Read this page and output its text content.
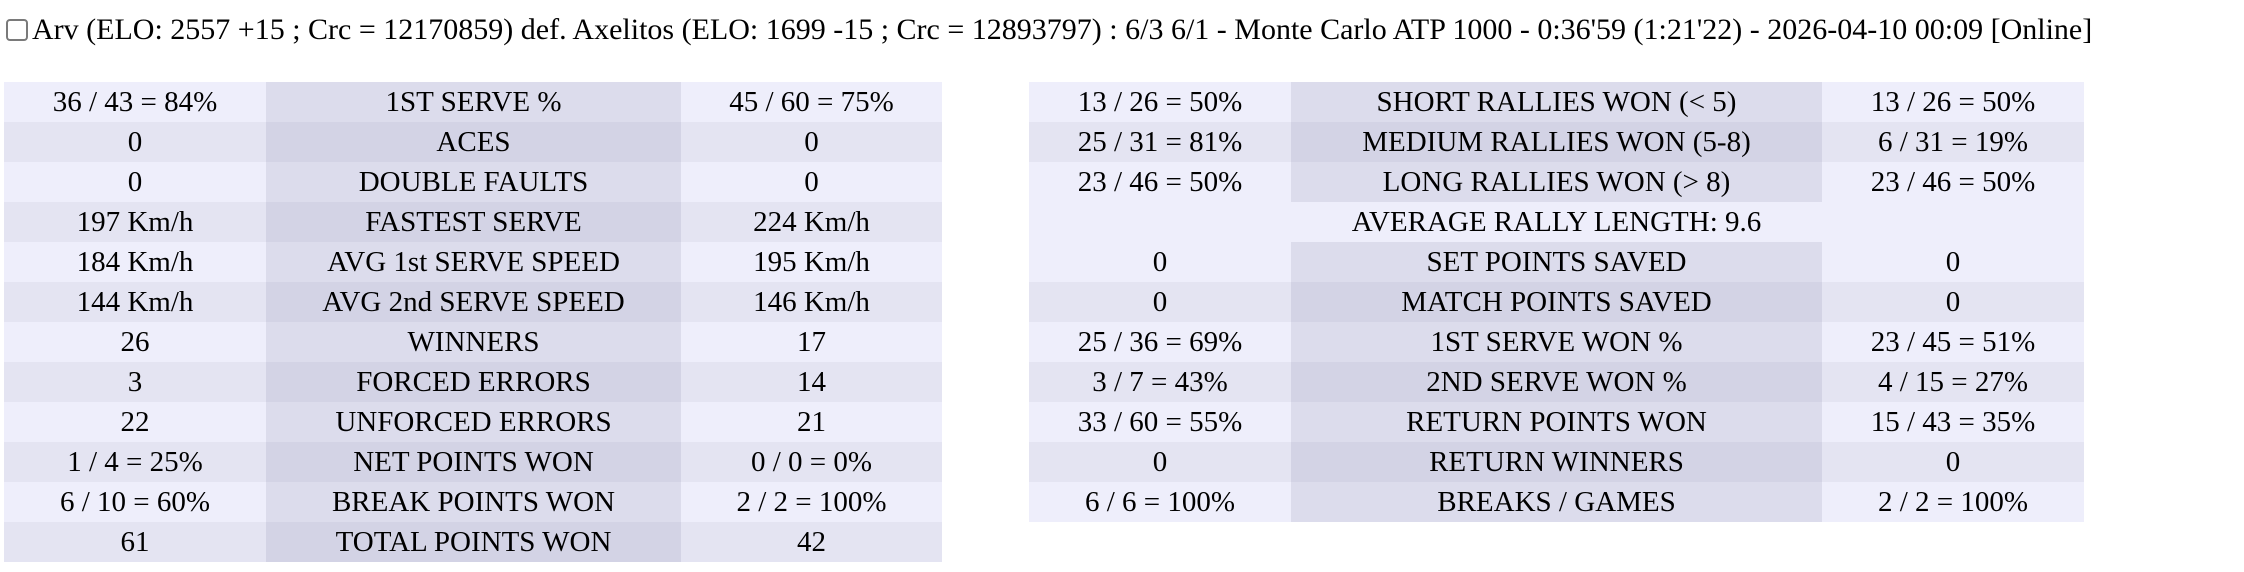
Arv (ELO: 2557 +15 ; Crc = 12170859) def. Axelitos (ELO: 1699 -15 ; Crc = 12893797) : 6/3 6/1 - Monte Carlo ATP 1000 - 0:36'59 (1:21'22) - 2026-04-10 00:09 [Online]
36 / 43 = 84%	1ST SERVE %	45 / 60 = 75%
0	ACES	0
0	DOUBLE FAULTS	0
197 Km/h	FASTEST SERVE	224 Km/h
184 Km/h	AVG 1st SERVE SPEED	195 Km/h
144 Km/h	AVG 2nd SERVE SPEED	146 Km/h
26	WINNERS	17
3	FORCED ERRORS	14
22	UNFORCED ERRORS	21
1 / 4 = 25%	NET POINTS WON	0 / 0 = 0%
6 / 10 = 60%	BREAK POINTS WON	2 / 2 = 100%
61	TOTAL POINTS WON	42
13 / 26 = 50%	SHORT RALLIES WON (< 5)	13 / 26 = 50%
25 / 31 = 81%	MEDIUM RALLIES WON (5-8)	6 / 31 = 19%
23 / 46 = 50%	LONG RALLIES WON (> 8)	23 / 46 = 50%
	AVERAGE RALLY LENGTH: 9.6	
0	SET POINTS SAVED	0
0	MATCH POINTS SAVED	0
25 / 36 = 69%	1ST SERVE WON %	23 / 45 = 51%
3 / 7 = 43%	2ND SERVE WON %	4 / 15 = 27%
33 / 60 = 55%	RETURN POINTS WON	15 / 43 = 35%
0	RETURN WINNERS	0
6 / 6 = 100%	BREAKS / GAMES	2 / 2 = 100%
